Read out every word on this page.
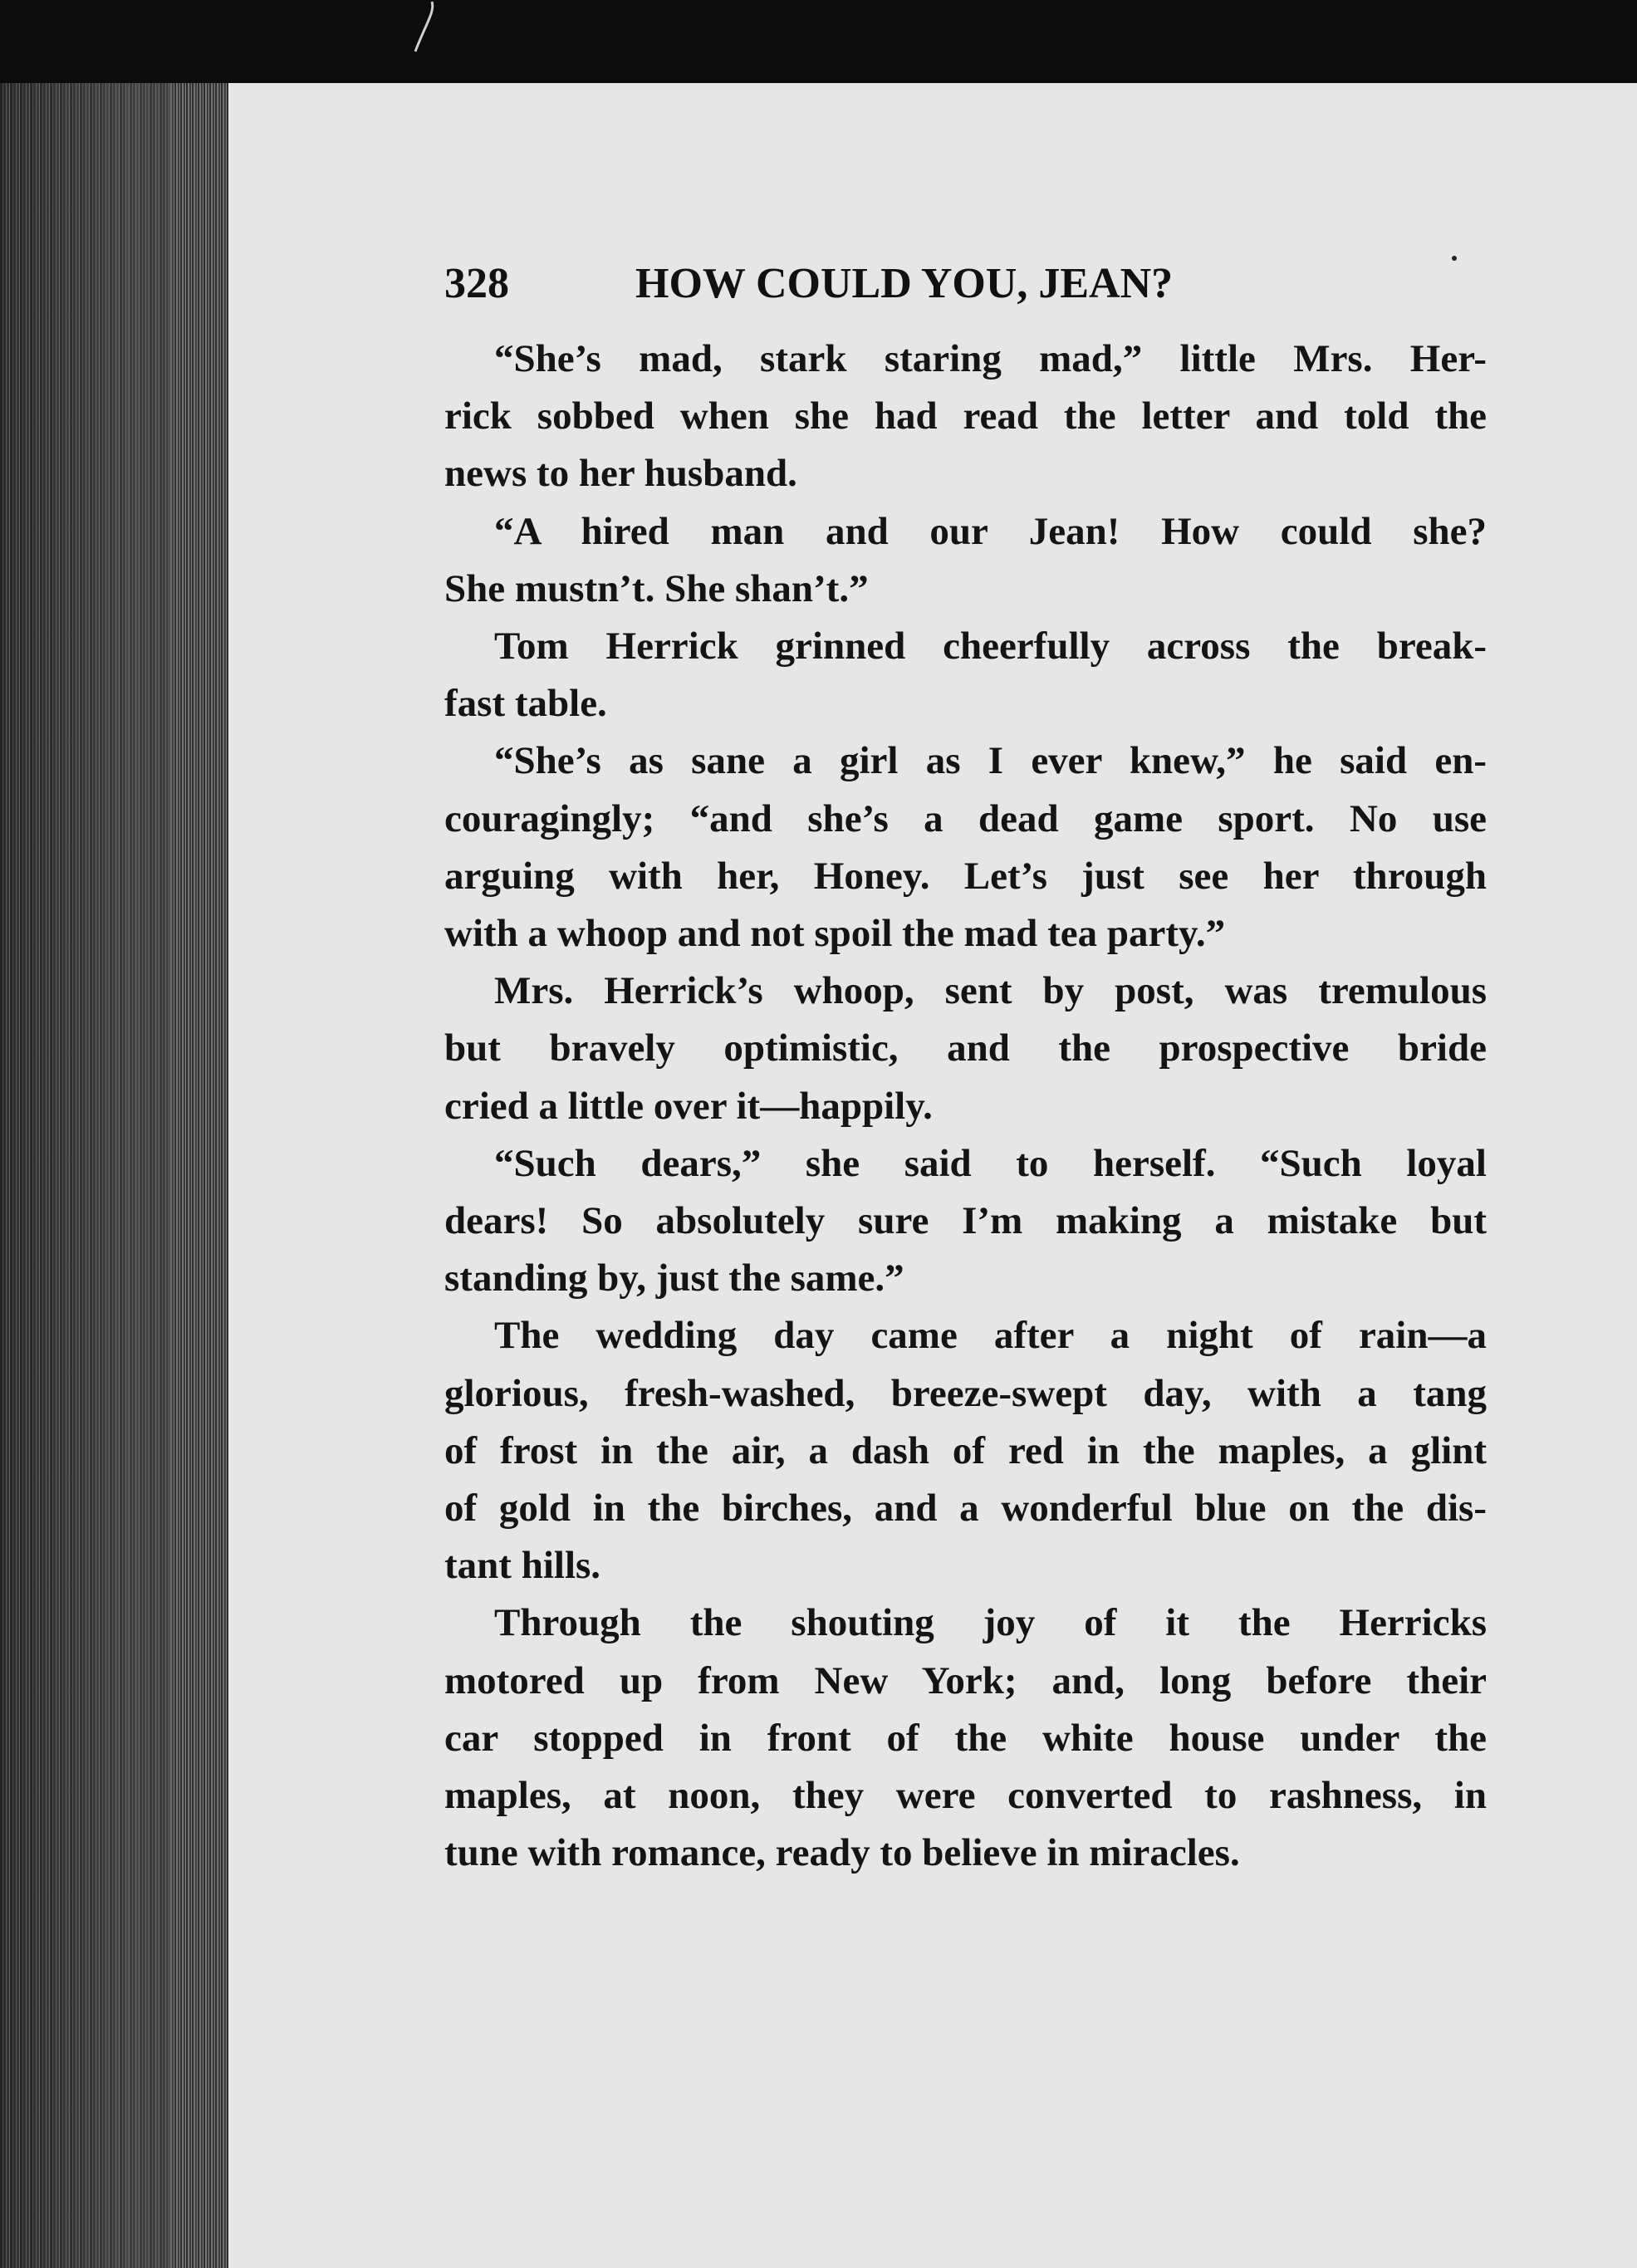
328	HOW COULD YOU, JEAN?
“She’s mad, stark staring mad,” little Mrs. Her-
rick sobbed when she had read the letter and told the
news to her husband.
“A hired man and our Jean! How could she?
She mustn’t. She shan’t.”
Tom Herrick grinned cheerfully across the break-
fast table.
“She’s as sane a girl as I ever knew,” he said en-
couragingly; “and she’s a dead game sport. No use
arguing with her, Honey. Let’s just see her through
with a whoop and not spoil the mad tea party.”
Mrs. Herrick’s whoop, sent by post, was tremulous
but bravely optimistic, and the prospective bride
cried a little over it—happily.
“Such dears,” she said to herself. “Such loyal
dears! So absolutely sure I’m making a mistake but
standing by, just the same.”
The wedding day came after a night of rain—a
glorious, fresh-washed, breeze-swept day, with a tang
of frost in the air, a dash of red in the maples, a glint
of gold in the birches, and a wonderful blue on the dis-
tant hills.
Through the shouting joy of it the Herricks
motored up from New York; and, long before their
car stopped in front of the white house under the
maples, at noon, they were converted to rashness, in
tune with romance, ready to believe in miracles.
